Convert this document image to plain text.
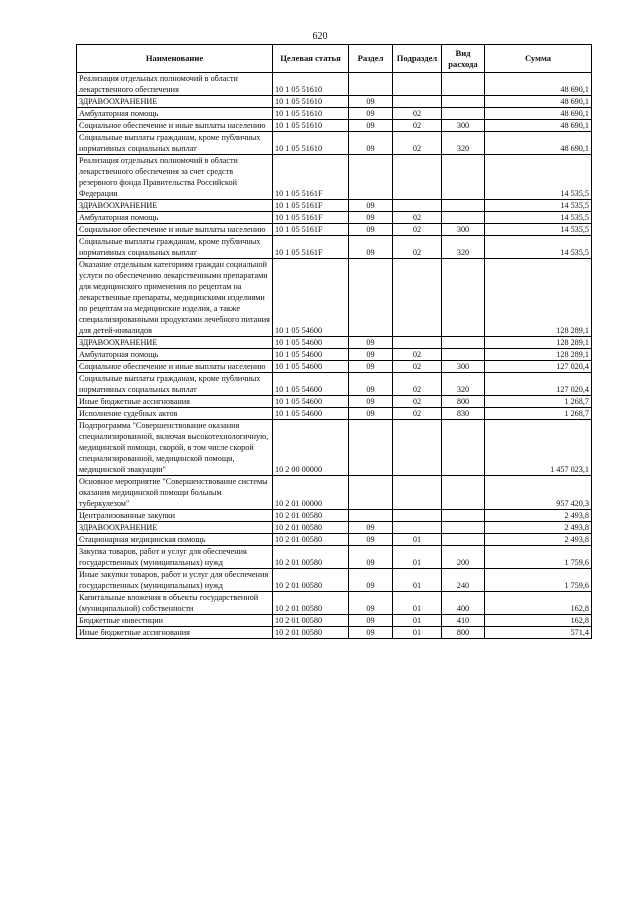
620
Наименование	Целевая статья	Раздел	Подраздел	Вид расхода	Сумма
Реализация отдельных полномочий в области лекарственного обеспечения	10 1 05 51610				48 690,1
ЗДРАВООХРАНЕНИЕ	10 1 05 51610	09			48 690,1
Амбулаторная помощь	10 1 05 51610	09	02		48 690,1
Социальное обеспечение и иные выплаты населению	10 1 05 51610	09	02	300	48 690,1
Социальные выплаты гражданам, кроме публичных нормативных социальных выплат	10 1 05 51610	09	02	320	48 690,1
Реализация отдельных полномочий в области лекарственного обеспечения за счет средств резервного фонда Правительства Российской Федерации	10 1 05 5161F				14 535,5
ЗДРАВООХРАНЕНИЕ	10 1 05 5161F	09			14 535,5
Амбулаторная помощь	10 1 05 5161F	09	02		14 535,5
Социальное обеспечение и иные выплаты населению	10 1 05 5161F	09	02	300	14 535,5
Социальные выплаты гражданам, кроме публичных нормативных социальных выплат	10 1 05 5161F	09	02	320	14 535,5
Оказание отдельным категориям граждан социальной услуги по обеспечению лекарственными препаратами для медицинского применения по рецептам на лекарственные препараты, медицинскими изделиями по рецептам на медицинские изделия, а также специализированными продуктами лечебного питания для детей-инвалидов	10 1 05 54600				128 289,1
ЗДРАВООХРАНЕНИЕ	10 1 05 54600	09			128 289,1
Амбулаторная помощь	10 1 05 54600	09	02		128 289,1
Социальное обеспечение и иные выплаты населению	10 1 05 54600	09	02	300	127 020,4
Социальные выплаты гражданам, кроме публичных нормативных социальных выплат	10 1 05 54600	09	02	320	127 020,4
Иные бюджетные ассигнования	10 1 05 54600	09	02	800	1 268,7
Исполнение судебных актов	10 1 05 54600	09	02	830	1 268,7
Подпрограмма "Совершенствование оказания специализированной, включая высокотехнологичную, медицинской помощи, скорой, в том числе скорой специализированной, медицинской помощи, медицинской эвакуации"	10 2 00 00000				1 457 023,1
Основное мероприятие "Совершенствование системы оказания медицинской помощи больным туберкулезом"	10 2 01 00000				957 420,3
Централизованные закупки	10 2 01 00580				2 493,8
ЗДРАВООХРАНЕНИЕ	10 2 01 00580	09			2 493,8
Стационарная медицинская помощь	10 2 01 00580	09	01		2 493,8
Закупка товаров, работ и услуг для обеспечения государственных (муниципальных) нужд	10 2 01 00580	09	01	200	1 759,6
Иные закупки товаров, работ и услуг для обеспечения государственных (муниципальных) нужд	10 2 01 00580	09	01	240	1 759,6
Капитальные вложения в объекты государственной (муниципальной) собственности	10 2 01 00580	09	01	400	162,8
Бюджетные инвестиции	10 2 01 00580	09	01	410	162,8
Иные бюджетные ассигнования	10 2 01 00580	09	01	800	571,4
